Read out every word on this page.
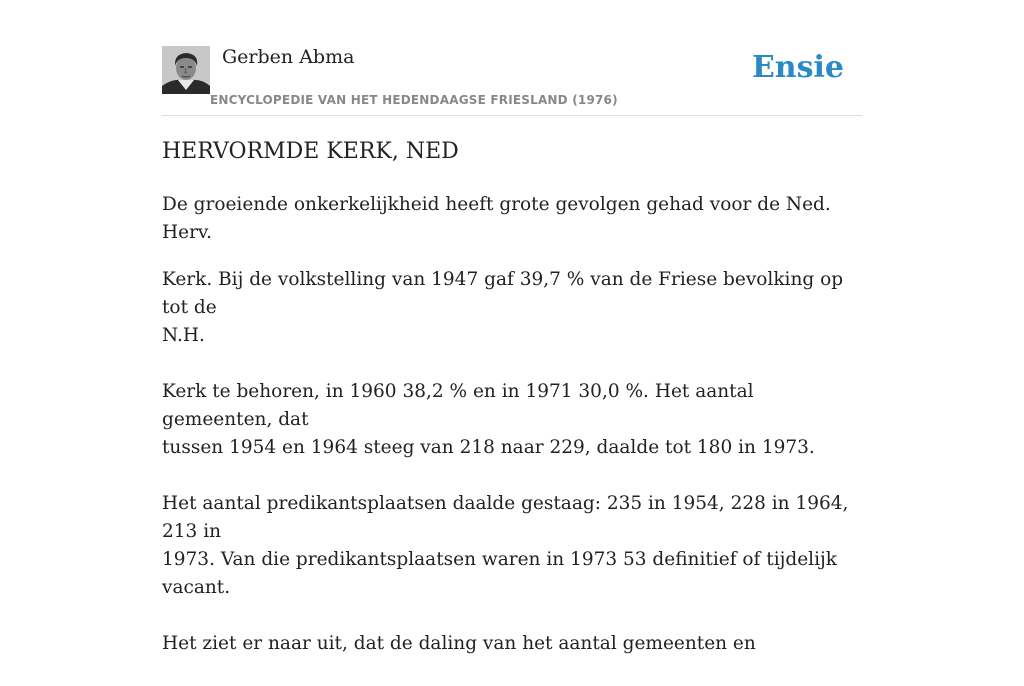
Gerben Abma
ENCYCLOPEDIE VAN HET HEDENDAAGSE FRIESLAND (1976)
Ensie
HERVORMDE KERK, NED

De groeiende onkerkelijkheid heeft grote gevolgen gehad voor de Ned. Herv.

Kerk. Bij de volkstelling van 1947 gaf 39,7 % van de Friese bevolking op tot de
N.H.

Kerk te behoren, in 1960 38,2 % en in 1971 30,0 %. Het aantal gemeenten, dat
tussen 1954 en 1964 steeg van 218 naar 229, daalde tot 180 in 1973.

Het aantal predikantsplaatsen daalde gestaag: 235 in 1954, 228 in 1964, 213 in
1973. Van die predikantsplaatsen waren in 1973 53 definitief of tijdelijk vacant.

Het ziet er naar uit, dat de daling van het aantal gemeenten en
